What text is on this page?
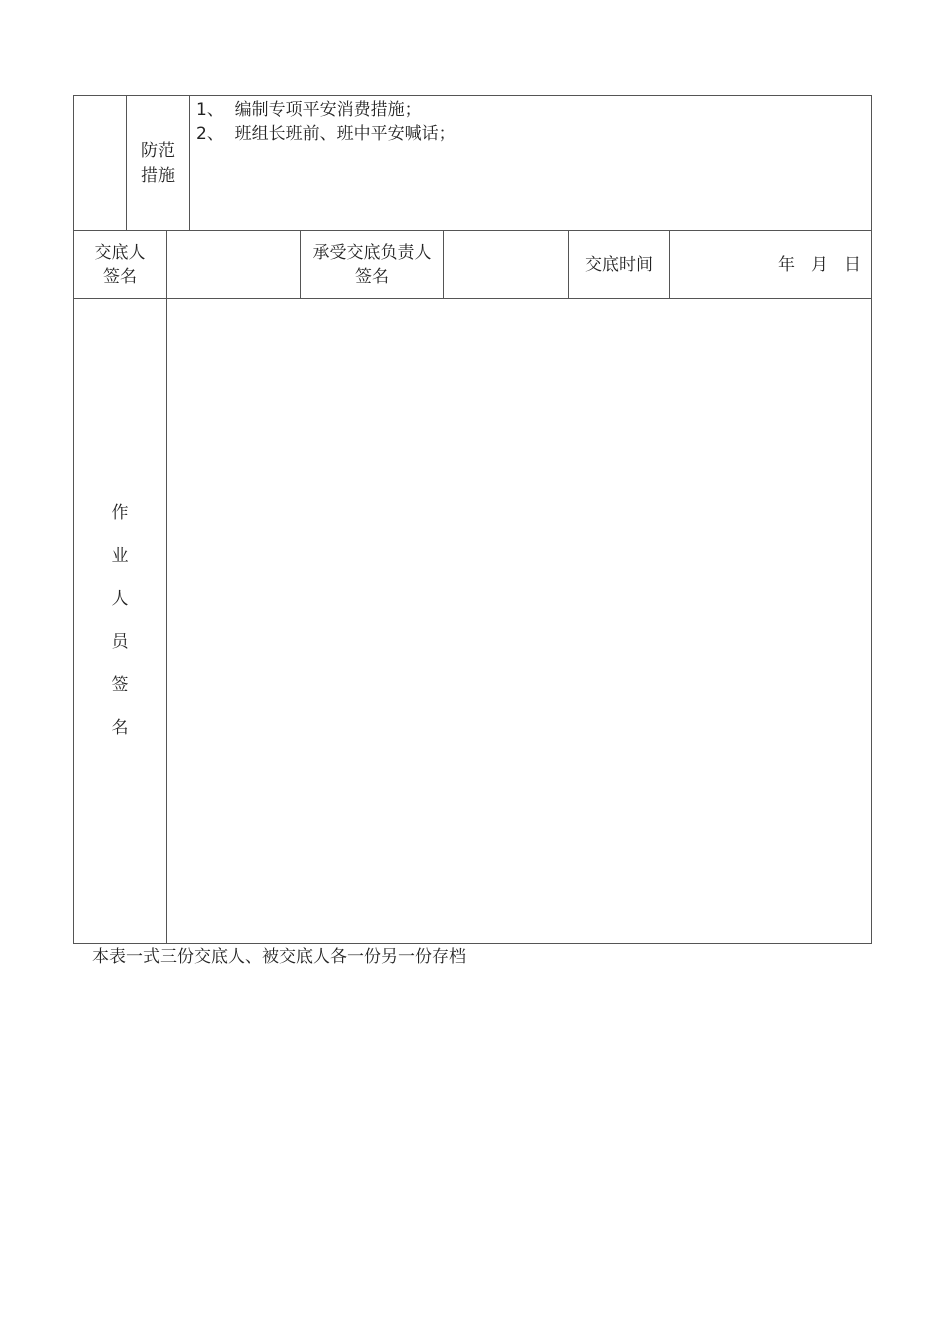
防范措施
1、 编制专项平安消费措施；
2、 班组长班前、班中平安喊话；
交底人签名
承受交底负责人签名
交底时间	年 月 日
作
业
人
员
签
名
本表一式三份交底人、被交底人各一份另一份存档
